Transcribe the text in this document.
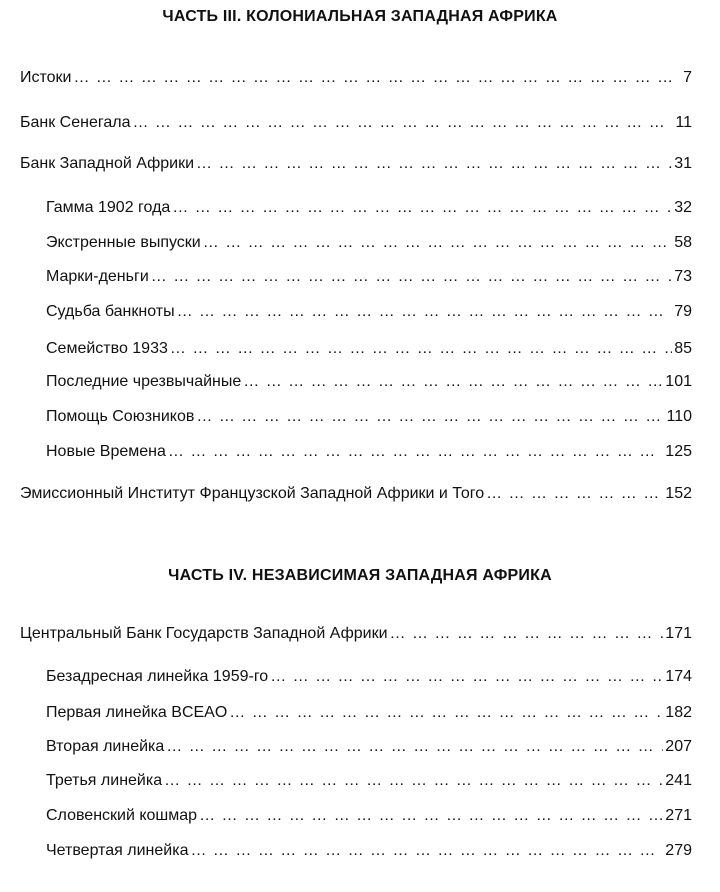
ЧАСТЬ III. КОЛОНИАЛЬНАЯ ЗАПАДНАЯ АФРИКА
Истоки … … … … … … … … … … … … … … … … … … … … … … … … … … … … … … … … … … … … … … … … … … … … … … … … … …	7
Банк Сенегала … … … … … … … … … … … … … … … … … … … … … … … … … … … … … … … … … … … … … … … … … … … … … … … … … …	11
Банк Западной Африки … … … … … … … … … … … … … … … … … … … … … … … … … … … … … … … … … … … … … … … … … … … … … … … … … …	31
Гамма 1902 года … … … … … … … … … … … … … … … … … … … … … … … … … … … … … … … … … … … … … … … … … … … … … … … … … …	32
Экстренные выпуски … … … … … … … … … … … … … … … … … … … … … … … … … … … … … … … … … … … … … … … … … … … … … … … … … …	58
Марки-деньги … … … … … … … … … … … … … … … … … … … … … … … … … … … … … … … … … … … … … … … … … … … … … … … … … …	73
Судьба банкноты … … … … … … … … … … … … … … … … … … … … … … … … … … … … … … … … … … … … … … … … … … … … … … … … … …	79
Семейство 1933 … … … … … … … … … … … … … … … … … … … … … … … … … … … … … … … … … … … … … … … … … … … … … … … … … …	85
Последние чрезвычайные … … … … … … … … … … … … … … … … … … … … … … … … … … … … … … … … … … … … … … … … … … … … … … … … … …	101
Помощь Союзников … … … … … … … … … … … … … … … … … … … … … … … … … … … … … … … … … … … … … … … … … … … … … … … … … …	110
Новые Времена … … … … … … … … … … … … … … … … … … … … … … … … … … … … … … … … … … … … … … … … … … … … … … … … … …	125
Эмиссионный Институт Французской Западной Африки и Того … … … … … … … … … … … … … … … … … … … … … … … … … … … … … … … … … … … … … … … … … … … … … … … … … …	152
ЧАСТЬ IV. НЕЗАВИСИМАЯ ЗАПАДНАЯ АФРИКА
Центральный Банк Государств Западной Африки … … … … … … … … … … … … … … … … … … … … … … … … … … … … … … … … … … … … … … … … … … … … … … … … … …	171
Безадресная линейка 1959-го … … … … … … … … … … … … … … … … … … … … … … … … … … … … … … … … … … … … … … … … … … … … … … … … … …	174
Первая линейка BCEAO … … … … … … … … … … … … … … … … … … … … … … … … … … … … … … … … … … … … … … … … … … … … … … … … … …	182
Вторая линейка … … … … … … … … … … … … … … … … … … … … … … … … … … … … … … … … … … … … … … … … … … … … … … … … … …	207
Третья линейка … … … … … … … … … … … … … … … … … … … … … … … … … … … … … … … … … … … … … … … … … … … … … … … … … …	241
Словенский кошмар … … … … … … … … … … … … … … … … … … … … … … … … … … … … … … … … … … … … … … … … … … … … … … … … … …	271
Четвертая линейка … … … … … … … … … … … … … … … … … … … … … … … … … … … … … … … … … … … … … … … … … … … … … … … … … …	279
